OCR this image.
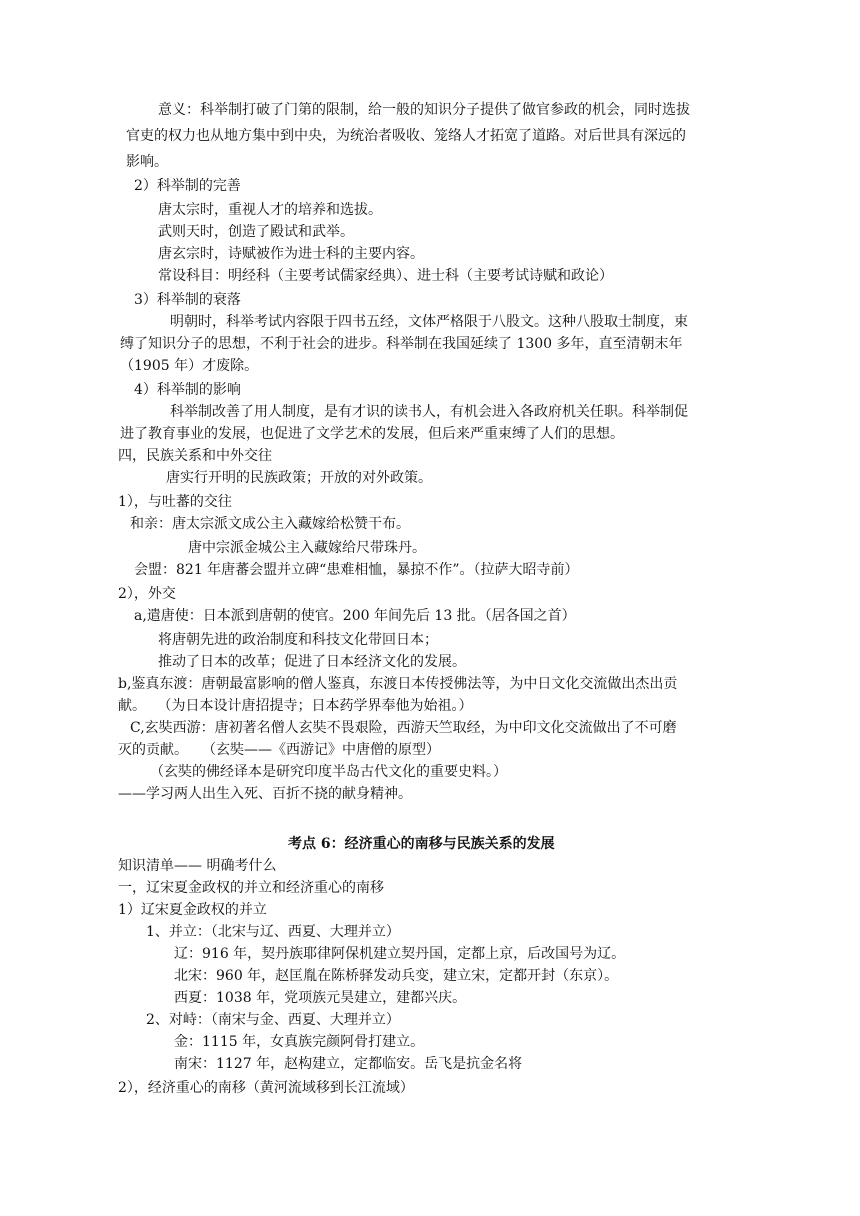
意义：科举制打破了门第的限制，给一般的知识分子提供了做官参政的机会，同时选拔
官吏的权力也从地方集中到中央，为统治者吸收、笼络人才拓宽了道路。对后世具有深远的
影响。
2）科举制的完善
唐太宗时，重视人才的培养和选拔。
武则天时，创造了殿试和武举。
唐玄宗时，诗赋被作为进士科的主要内容。
常设科目：明经科（主要考试儒家经典）、进士科（主要考试诗赋和政论）
3）科举制的衰落
明朝时，科举考试内容限于四书五经，文体严格限于八股文。这种八股取士制度，束
缚了知识分子的思想，不利于社会的进步。科举制在我国延续了 1300 多年，直至清朝末年
（1905 年）才废除。
4）科举制的影响
科举制改善了用人制度，是有才识的读书人，有机会进入各政府机关任职。科举制促
进了教育事业的发展，也促进了文学艺术的发展，但后来严重束缚了人们的思想。
四，民族关系和中外交往
唐实行开明的民族政策；开放的对外政策。
1），与吐蕃的交往
和亲：唐太宗派文成公主入藏嫁给松赞干布。
唐中宗派金城公主入藏嫁给尺带珠丹。
会盟：821 年唐蕃会盟并立碑“患难相恤，暴掠不作”。（拉萨大昭寺前）
2），外交
a,遣唐使：日本派到唐朝的使官。200 年间先后 13 批。（居各国之首）
将唐朝先进的政治制度和科技文化带回日本；
推动了日本的改革；促进了日本经济文化的发展。
b,鉴真东渡：唐朝最富影响的僧人鉴真，东渡日本传授佛法等，为中日文化交流做出杰出贡
献。　 （为日本设计唐招提寺；日本药学界奉他为始祖。）
C,玄奘西游：唐初著名僧人玄奘不畏艰险，西游天竺取经，为中印文化交流做出了不可磨
灭的贡献。　　（玄奘——《西游记》中唐僧的原型）
（玄奘的佛经译本是研究印度半岛古代文化的重要史料。）
——学习两人出生入死、百折不挠的献身精神。
考点 6：经济重心的南移与民族关系的发展
知识清单—— 明确考什么
一，辽宋夏金政权的并立和经济重心的南移
1）辽宋夏金政权的并立
1、并立：（北宋与辽、西夏、大理并立）
辽：916 年，契丹族耶律阿保机建立契丹国，定都上京，后改国号为辽。
北宋：960 年，赵匡胤在陈桥驿发动兵变，建立宋，定都开封（东京）。
西夏：1038 年，党项族元昊建立，建都兴庆。
2、对峙：（南宋与金、西夏、大理并立）
金：1115 年，女真族完颜阿骨打建立。
南宋：1127 年，赵构建立，定都临安。岳飞是抗金名将
2），经济重心的南移（黄河流域移到长江流域）
